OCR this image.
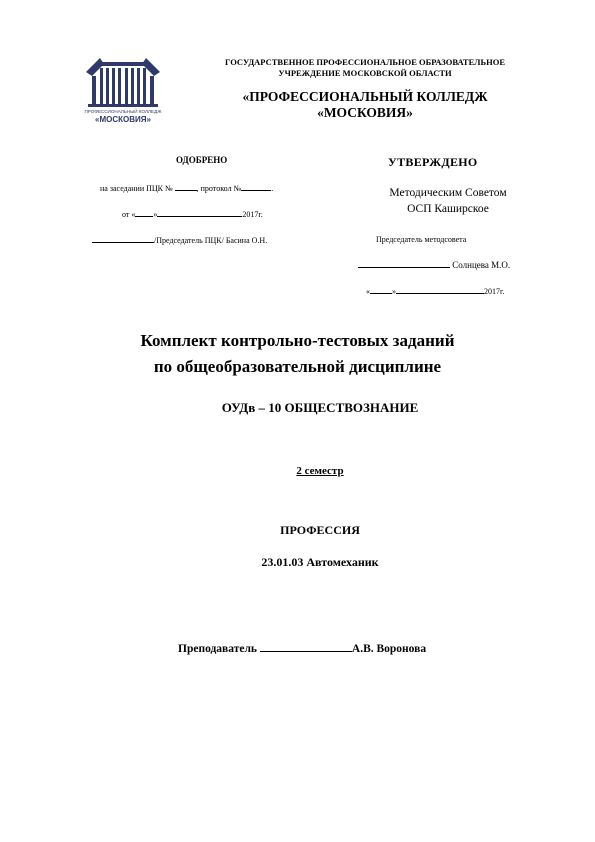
ПРОФЕССИОНАЛЬНЫЙ КОЛЛЕДЖ
«МОСКОВИЯ»
ГОСУДАРСТВЕННОЕ ПРОФЕССИОНАЛЬНОЕ ОБРАЗОВАТЕЛЬНОЕ
УЧРЕЖДЕНИЕ МОСКОВСКОЙ ОБЛАСТИ
«ПРОФЕССИОНАЛЬНЫЙ КОЛЛЕДЖ
«МОСКОВИЯ»
ОДОБРЕНО
на заседании ПЦК №	, протокол №	.
от « »	2017г.
/Председатель ПЦК/ Басина О.Н.
УТВЕРЖДЕНО
Методическим Советом
ОСП Каширское
Председатель методсовета
Солнцева М.О.
«	»	2017г.
Комплект контрольно-тестовых заданий
по общеобразовательной дисциплине
ОУДв – 10 ОБЩЕСТВОЗНАНИЕ
2 семестр
ПРОФЕССИЯ
23.01.03 Автомеханик
Преподаватель	А.В. Воронова
